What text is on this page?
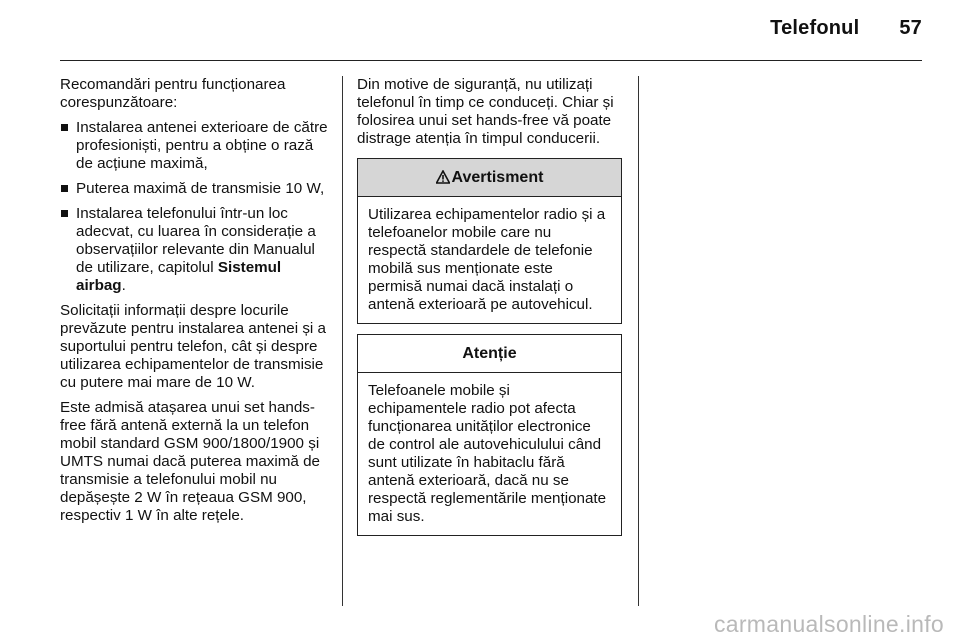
Telefonul 57

Recomandări pentru funcționarea corespunzătoare:

Instalarea antenei exterioare de către profesioniști, pentru a obține o rază de acțiune maximă,
Puterea maximă de transmisie 10 W,
Instalarea telefonului într-un loc adecvat, cu luarea în considerație a observațiilor relevante din Manualul de utilizare, capitolul Sistemul airbag.

Solicitații informații despre locurile prevăzute pentru instalarea antenei și a suportului pentru telefon, cât și despre utilizarea echipamentelor de transmisie cu putere mai mare de 10 W.

Este admisă atașarea unui set hands-free fără antenă externă la un telefon mobil standard GSM 900/1800/1900 și UMTS numai dacă puterea maximă de transmisie a telefonului mobil nu depășește 2 W în rețeaua GSM 900, respectiv 1 W în alte rețele.

Din motive de siguranță, nu utilizați telefonul în timp ce conduceți. Chiar și folosirea unui set hands-free vă poate distrage atenția în timpul conducerii.

Avertisment
Utilizarea echipamentelor radio și a telefoanelor mobile care nu respectă standardele de telefonie mobilă sus menționate este permisă numai dacă instalați o antenă exterioară pe autovehicul.
Atenție
Telefoanele mobile și echipamentele radio pot afecta funcționarea unităților electronice de control ale autovehiculului când sunt utilizate în habitaclu fără antenă exterioară, dacă nu se respectă reglementările menționate mai sus.
carmanualsonline.info
